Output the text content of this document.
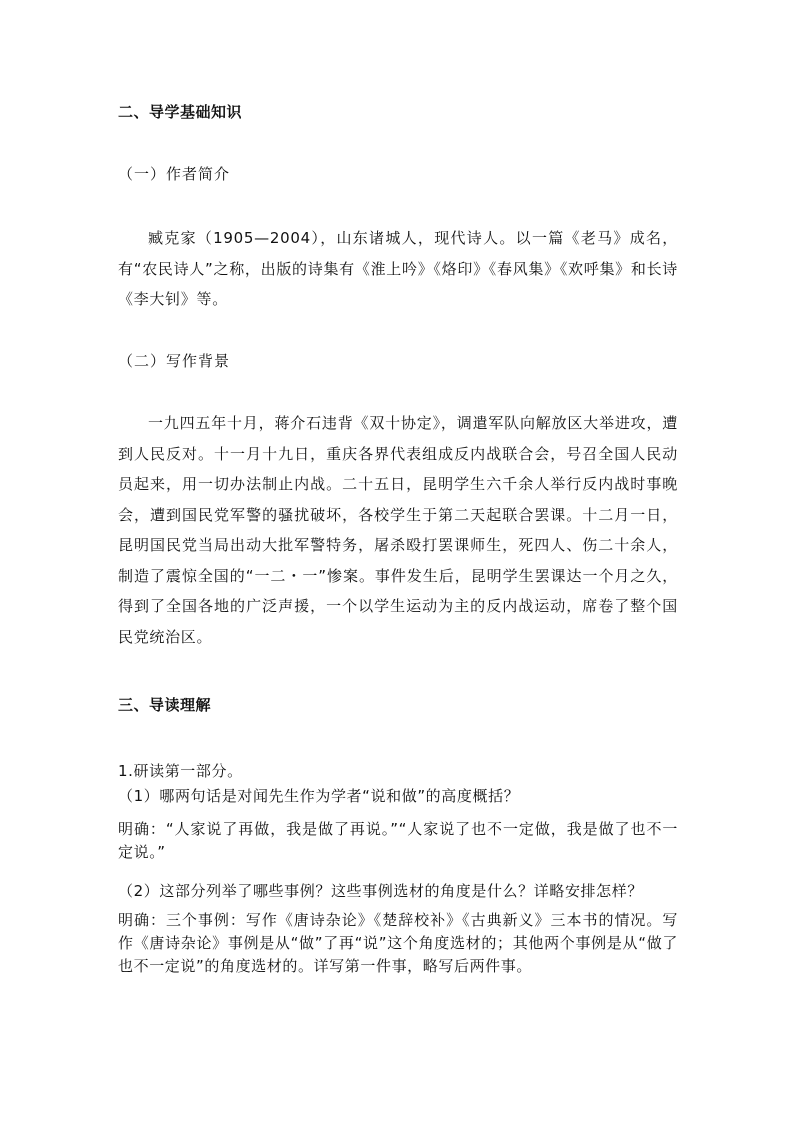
二、导学基础知识
（一）作者简介
臧克家（1905—2004），山东诸城人，现代诗人。以一篇《老马》成名，有“农民诗人”之称，出版的诗集有《淮上吟》《烙印》《春风集》《欢呼集》和长诗《李大钊》等。
（二）写作背景
一九四五年十月，蒋介石违背《双十协定》，调遣军队向解放区大举进攻，遭到人民反对。十一月十九日，重庆各界代表组成反内战联合会，号召全国人民动员起来，用一切办法制止内战。二十五日，昆明学生六千余人举行反内战时事晚会，遭到国民党军警的骚扰破坏，各校学生于第二天起联合罢课。十二月一日，昆明国民党当局出动大批军警特务，屠杀殴打罢课师生，死四人、伤二十余人，制造了震惊全国的“一二・一”惨案。事件发生后，昆明学生罢课达一个月之久，得到了全国各地的广泛声援，一个以学生运动为主的反内战运动，席卷了整个国民党统治区。
三、导读理解
1.研读第一部分。
（1）哪两句话是对闻先生作为学者“说和做”的高度概括？
明确：“人家说了再做，我是做了再说。”“人家说了也不一定做，我是做了也不一定说。”
（2）这部分列举了哪些事例？这些事例选材的角度是什么？详略安排怎样？
明确：三个事例：写作《唐诗杂论》《楚辞校补》《古典新义》三本书的情况。写作《唐诗杂论》事例是从“做”了再“说”这个角度选材的；其他两个事例是从“做了也不一定说”的角度选材的。详写第一件事，略写后两件事。
